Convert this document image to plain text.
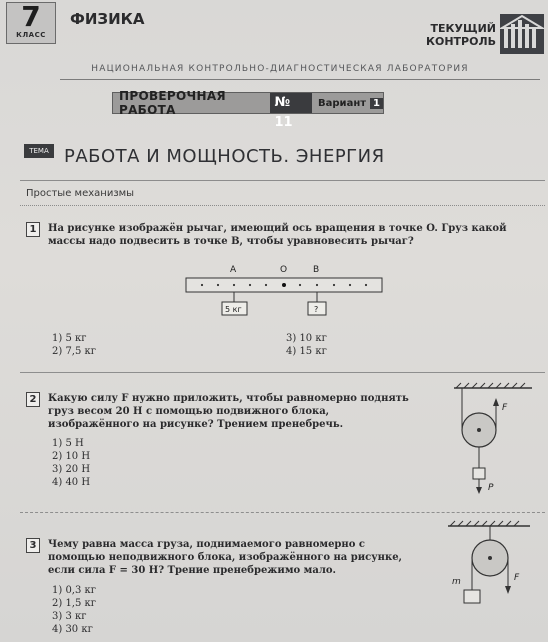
7
КЛАСС
ФИЗИКА
ТЕКУЩИЙ
КОНТРОЛЬ
НАЦИОНАЛЬНАЯ КОНТРОЛЬНО-ДИАГНОСТИЧЕСКАЯ ЛАБОРАТОРИЯ
ПРОВЕРОЧНАЯ РАБОТА	№ 11
Вариант 1
ТЕМА РАБОТА И МОЩНОСТЬ. ЭНЕРГИЯ
Простые механизмы
1	На рисунке изображён рычаг, имеющий ось вращения в точке O. Груз какой массы надо подвесить в точке B, чтобы уравновесить рычаг?
A	O	B
5 кг	?
1) 5 кг
2) 7,5 кг
3) 10 кг
4) 15 кг
2	Какую силу F нужно приложить, чтобы равномерно поднять груз весом 20 Н с помощью подвижного блока, изображённого на рисунке? Трением пренебречь.
1) 5 Н
2) 10 Н
3) 20 Н
4) 40 Н
F
P
3	Чему равна масса груза, поднимаемого равномерно с помощью неподвижного блока, изображённого на рисунке, если сила F = 30 Н? Трение пренебрежимо мало.
1) 0,3 кг
2) 1,5 кг
3) 3 кг
4) 30 кг
m	F
